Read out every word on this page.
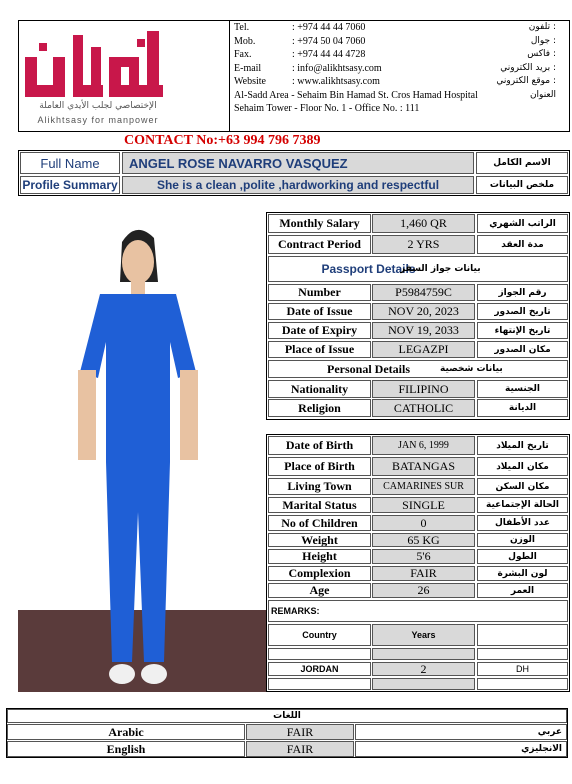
الإختصاصي لجلب الأيدي العاملة
Alikhtsasy for manpower
Tel.	: +974 44 44 7060	تلفون :
Mob.	: +974 50 04 7060	جوال :
Fax.	: +974 44 44 4728	فاكس :
E-mail	: info@alikhtsasy.com	بريد الكتروني :
Website	: www.alikhtsasy.com	موقع الكتروني :
Al-Sadd Area - Sehaim Bin Hamad St. Cros Hamad Hospital	العنوان
Sehaim Tower - Floor No. 1 - Office No. : 111
CONTACT No:+63 994 796 7389
Full Name	ANGEL ROSE NAVARRO VASQUEZ	الاسم الكامل
Profile Summary	She is a clean ,polite ,hardworking and respectful	ملخص البيانات
Monthly Salary	1,460 QR	الراتب الشهري
Contract Period	2 YRS	مدة العقد
Passport Details
بيانات جواز السفر
Number	P5984759C	رقم الجواز
Date of Issue	NOV 20, 2023	تاريخ الصدور
Date of Expiry	NOV 19, 2033	تاريخ الإنتهاء
Place of Issue	LEGAZPI	مكان الصدور
Personal Details	بيانات شخصية
Nationality	FILIPINO	الجنسية
Religion	CATHOLIC	الديانة
Date of Birth	JAN 6, 1999	تاريخ الميلاد
Place of Birth	BATANGAS	مكان الميلاد
Living Town	CAMARINES SUR	مكان السكن
Marital Status	SINGLE	الحالة الإجتماعية
No of Children	0	عدد الأطفال
Weight	65 KG	الوزن
Height	5'6	الطول
Complexion	FAIR	لون البشرة
Age	26	العمر
REMARKS:
Country	Years
JORDAN	2	DH
اللغات
Arabic	FAIR	عربي
English	FAIR	الانجليزي
